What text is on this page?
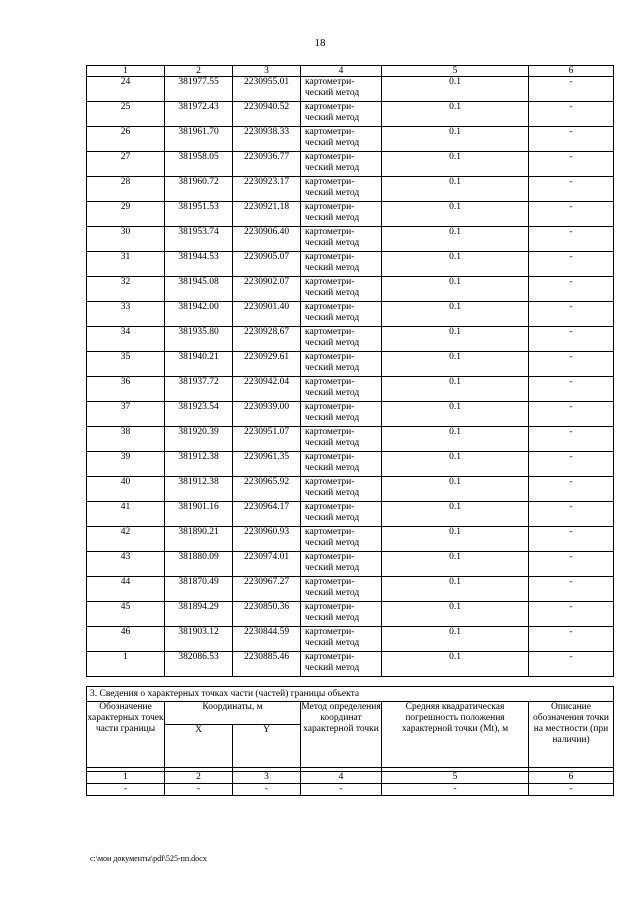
18
1	2	3	4	5	6
24	381977.55	2230955.01	картометри-
ческий метод	0.1	-
25	381972.43	2230940.52	картометри-
ческий метод	0.1	-
26	381961.70	2230938.33	картометри-
ческий метод	0.1	-
27	381958.05	2230936.77	картометри-
ческий метод	0.1	-
28	381960.72	2230923.17	картометри-
ческий метод	0.1	-
29	381951.53	2230921.18	картометри-
ческий метод	0.1	-
30	381953.74	2230906.40	картометри-
ческий метод	0.1	-
31	381944.53	2230905.07	картометри-
ческий метод	0.1	-
32	381945.08	2230902.07	картометри-
ческий метод	0.1	-
33	381942.00	2230901.40	картометри-
ческий метод	0.1	-
34	381935.80	2230928.67	картометри-
ческий метод	0.1	-
35	381940.21	2230929.61	картометри-
ческий метод	0.1	-
36	381937.72	2230942.04	картометри-
ческий метод	0.1	-
37	381923.54	2230939.00	картометри-
ческий метод	0.1	-
38	381920.39	2230951.07	картометри-
ческий метод	0.1	-
39	381912.38	2230961.35	картометри-
ческий метод	0.1	-
40	381912.38	2230965.92	картометри-
ческий метод	0.1	-
41	381901.16	2230964.17	картометри-
ческий метод	0.1	-
42	381890.21	2230960.93	картометри-
ческий метод	0.1	-
43	381880.09	2230974.01	картометри-
ческий метод	0.1	-
44	381870.49	2230967.27	картометри-
ческий метод	0.1	-
45	381894.29	2230850.36	картометри-
ческий метод	0.1	-
46	381903.12	2230844.59	картометри-
ческий метод	0.1	-
1	382086.53	2230885.46	картометри-
ческий метод	0.1	-
3. Сведения о характерных точках части (частей) границы объекта					
Обозначение характерных точек части границы	Координаты, м		Метод определения координат характерной точки	Средняя квадратическая погрешность положения характерной точки (Mt), м	Описание обозначения точки на местности (при наличии)
	X	Y			

1	2	3	4	5	6
-	-	-	-	-	-
c:\мои документы\pdf\525-пп.docx
